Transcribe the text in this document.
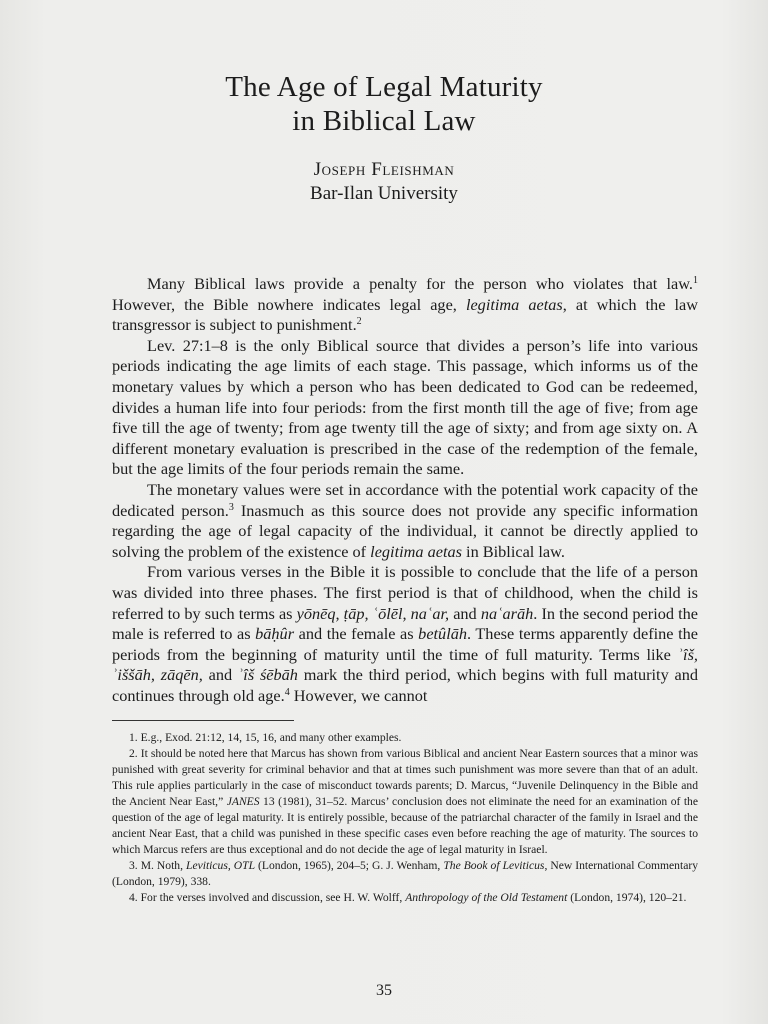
The Age of Legal Maturity
in Biblical Law
Joseph Fleishman
Bar-Ilan University

Many Biblical laws provide a penalty for the person who violates that law.$^1$ However, the Bible nowhere indicates legal age, legitima aetas, at which the law transgressor is subject to punishment.$^2$

Lev. 27:1–8 is the only Biblical source that divides a person’s life into various periods indicating the age limits of each stage. This passage, which informs us of the monetary values by which a person who has been dedicated to God can be redeemed, divides a human life into four periods: from the first month till the age of five; from age five till the age of twenty; from age twenty till the age of sixty; and from age sixty on. A different monetary evaluation is prescribed in the case of the redemption of the female, but the age limits of the four periods remain the same.

The monetary values were set in accordance with the potential work capacity of the dedicated person.$^3$ Inasmuch as this source does not provide any specific information regarding the age of legal capacity of the individual, it cannot be directly applied to solving the problem of the existence of legitima aetas in Biblical law.

From various verses in the Bible it is possible to conclude that the life of a person was divided into three phases. The first period is that of childhood, when the child is referred to by such terms as yōnēq, ṭāp, ʿōlēl, naʿar, and naʿarāh. In the second period the male is referred to as bāḥûr and the female as betûlāh. These terms apparently define the periods from the beginning of maturity until the time of full maturity. Terms like ʾîš, ʾiššāh, zāqēn, and ʾîš śēbāh mark the third period, which begins with full maturity and continues through old age.$^4$ However, we cannot

1. E.g., Exod. 21:12, 14, 15, 16, and many other examples.

2. It should be noted here that Marcus has shown from various Biblical and ancient Near Eastern sources that a minor was punished with great severity for criminal behavior and that at times such punishment was more severe than that of an adult. This rule applies particularly in the case of misconduct towards parents; D. Marcus, “Juvenile Delinquency in the Bible and the Ancient Near East,” JANES 13 (1981), 31–52. Marcus’ conclusion does not eliminate the need for an examination of the question of the age of legal maturity. It is entirely possible, because of the patriarchal character of the family in Israel and the ancient Near East, that a child was punished in these specific cases even before reaching the age of maturity. The sources to which Marcus refers are thus exceptional and do not decide the age of legal maturity in Israel.

3. M. Noth, Leviticus, OTL (London, 1965), 204–5; G. J. Wenham, The Book of Leviticus, New International Commentary (London, 1979), 338.

4. For the verses involved and discussion, see H. W. Wolff, Anthropology of the Old Testament (London, 1974), 120–21.

35
